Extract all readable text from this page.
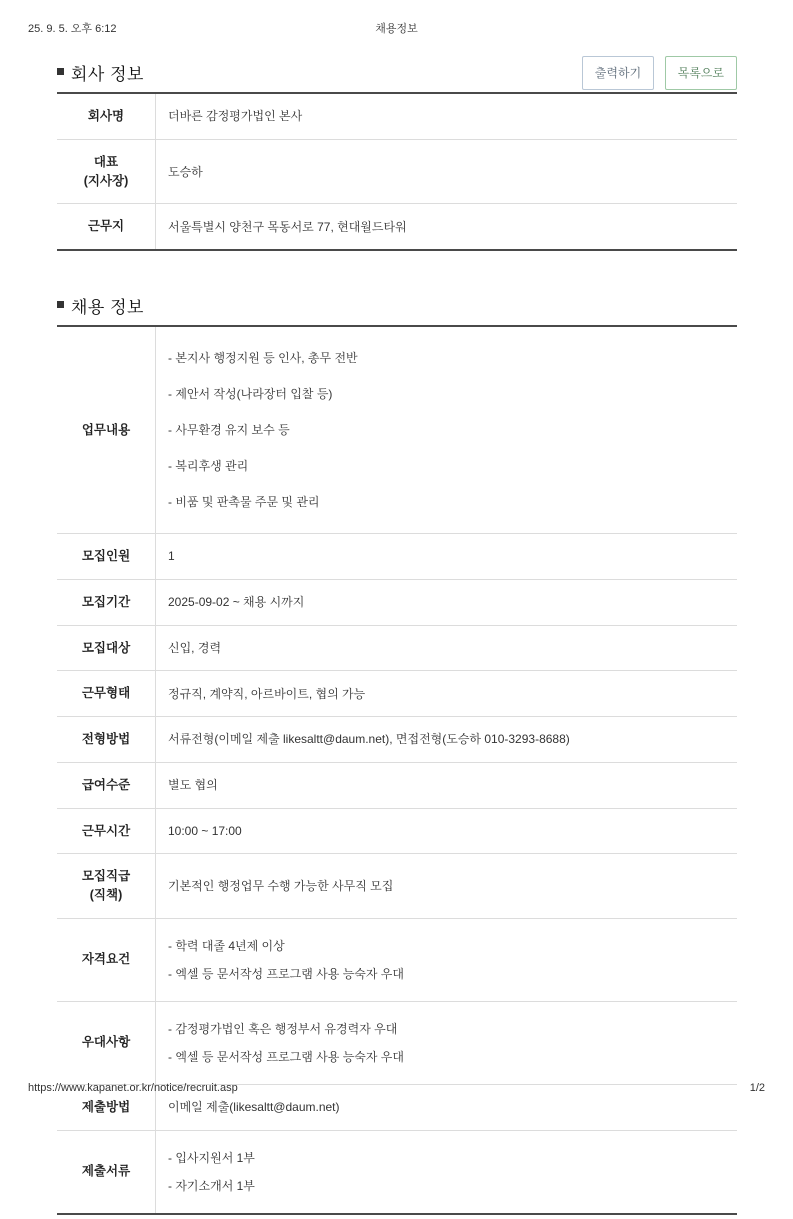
25. 9. 5. 오후 6:12	채용정보
회사 정보	출력하기	목록으로
회사명	더바른 감정평가법인 본사
대표
(지사장)	도승하
근무지	서울특별시 양천구 목동서로 77, 현대월드타워
채용 정보
업무내용	- 본지사 행정지원 등 인사, 총무 전반
- 제안서 작성(나라장터 입찰 등)
- 사무환경 유지 보수 등
- 복리후생 관리
- 비품 및 판촉물 주문 및 관리

모집인원	1
모집기간	2025-09-02 ~ 채용 시까지
모집대상	신입, 경력
근무형태	정규직, 계약직, 아르바이트, 협의 가능
전형방법	서류전형(이메일 제출 likesaltt@daum.net), 면접전형(도승하 010-3293-8688)
급여수준	별도 협의
근무시간	10:00 ~ 17:00
모집직급
(직책)	기본적인 행정업무 수행 가능한 사무직 모집
자격요건	- 학력 대졸 4년제 이상
- 엑셀 등 문서작성 프로그램 사용 능숙자 우대

우대사항	- 감정평가법인 혹은 행정부서 유경력자 우대
- 엑셀 등 문서작성 프로그램 사용 능숙자 우대

제출방법	이메일 제출(likesaltt@daum.net)
제출서류	- 입사지원서 1부
- 자기소개서 1부
https://www.kapanet.or.kr/notice/recruit.asp	1/2
